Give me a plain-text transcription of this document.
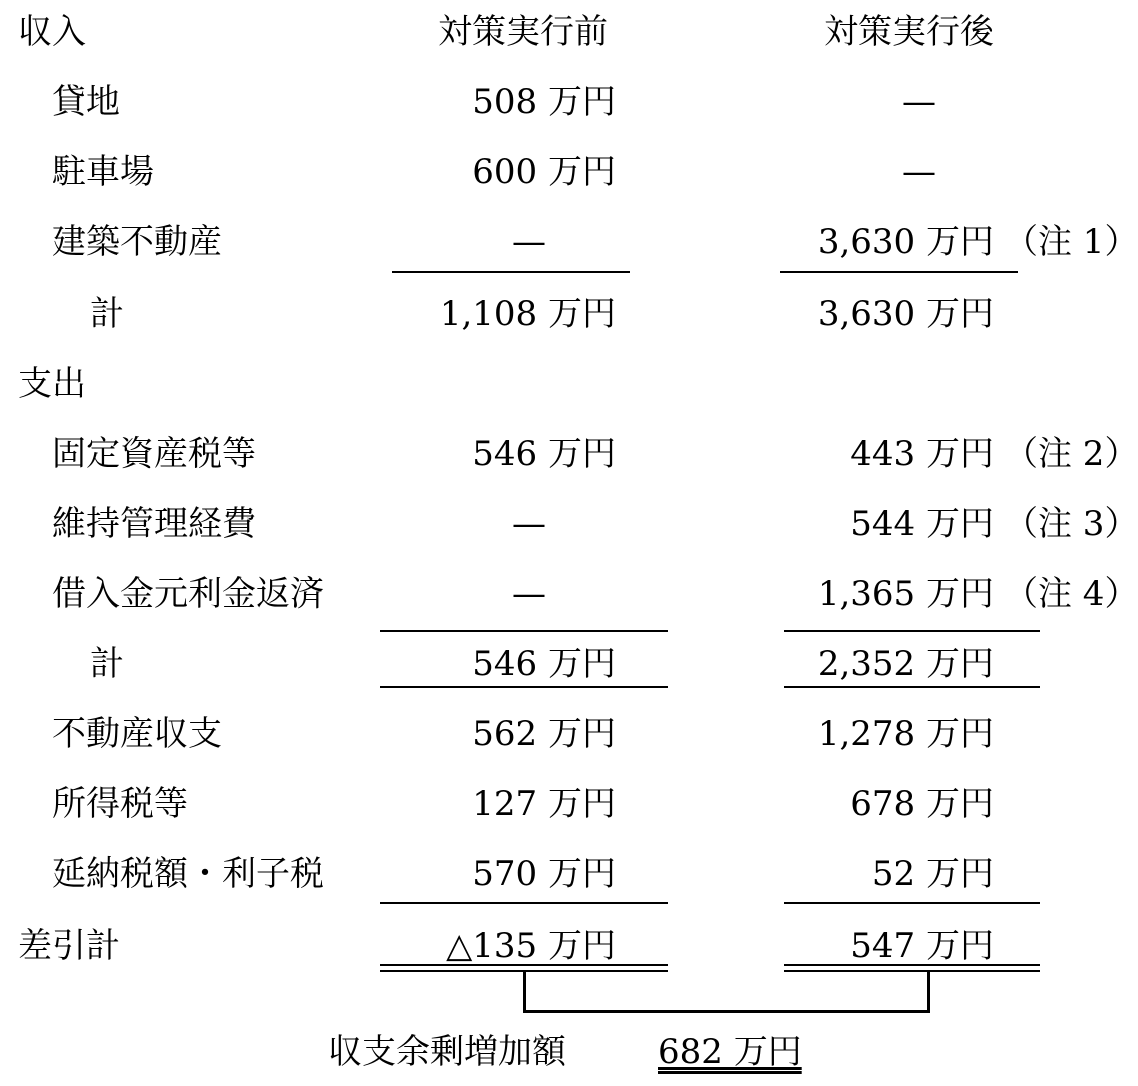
収入	対策実行前	対策実行後
貸地	508 万円	—
駐車場	600 万円	—
建築不動産	—	3,630 万円 （注 1）
計	1,108 万円	3,630 万円
支出
固定資産税等	546 万円	443 万円 （注 2）
維持管理経費	—	544 万円 （注 3）
借入金元利金返済	—	1,365 万円 （注 4）
計	546 万円	2,352 万円
不動産収支	562 万円	1,278 万円
所得税等	127 万円	678 万円
延納税額・利子税	570 万円	52 万円
差引計	△135 万円	547 万円
収支余剰増加額	682 万円
